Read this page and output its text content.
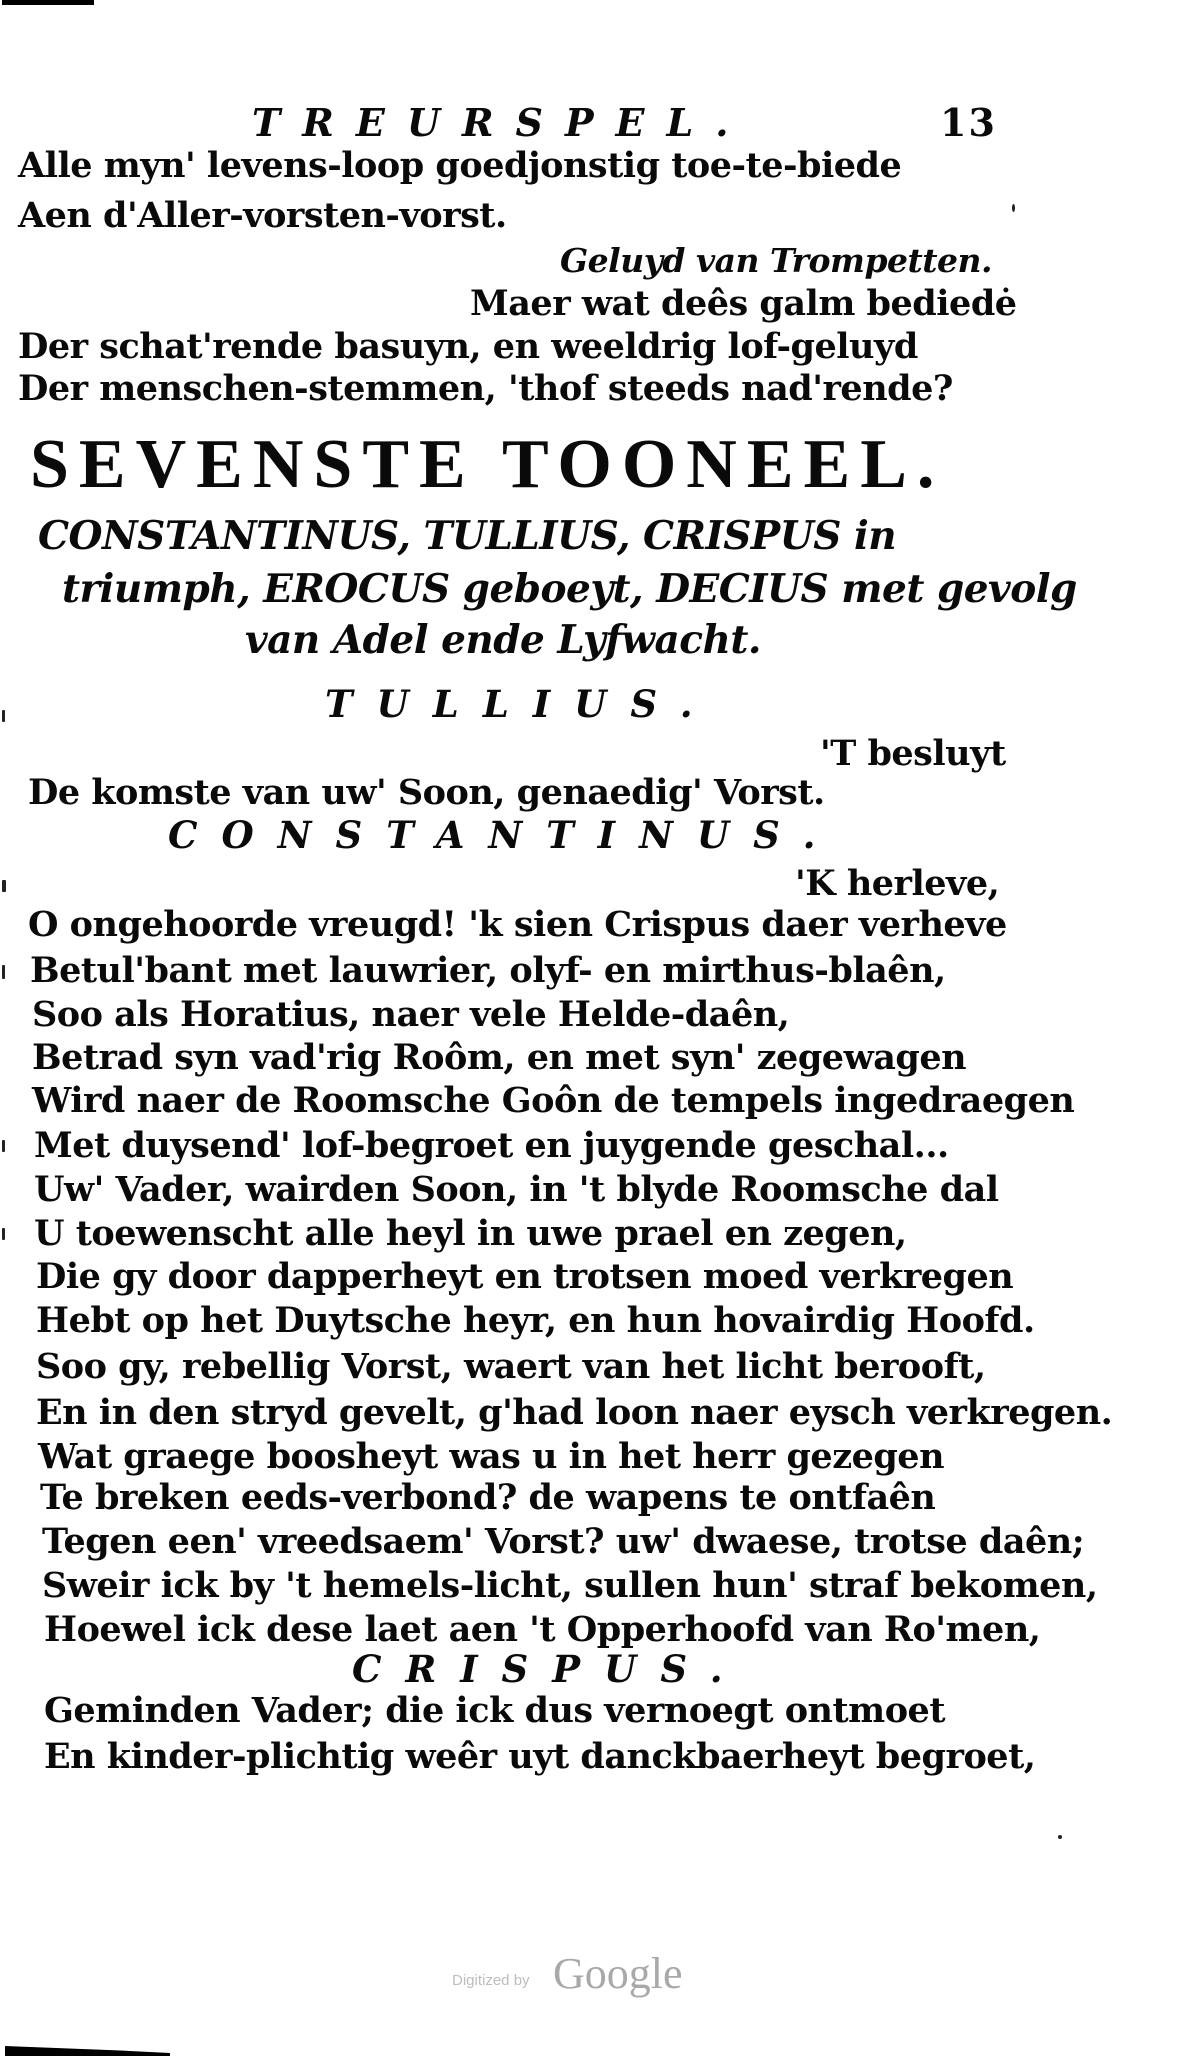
TREURSPEL.	13
Alle myn' levens-loop goedjonstig toe-te-biede
Aen d'Aller-vorsten-vorst.
Geluyd van Trompetten.
Maer wat deês galm bediedė
Der schat'rende basuyn, en weeldrig lof-geluyd
Der menschen-stemmen, 'thof steeds nad'rende?
SEVENSTE TOONEEL.
CONSTANTINUS, TULLIUS, CRISPUS in
triumph, EROCUS geboeyt, DECIUS met gevolg
van Adel ende Lyfwacht.
TULLIUS.
'T besluyt
De komste van uw' Soon, genaedig' Vorst.
CONSTANTINUS.
'K herleve,
O ongehoorde vreugd! 'k sien Crispus daer verheve
Betul'bant met lauwrier, olyf- en mirthus-blaên,
Soo als Horatius, naer vele Helde-daên,
Betrad syn vad'rig Roôm, en met syn' zegewagen
Wird naer de Roomsche Goôn de tempels ingedraegen
Met duysend' lof-begroet en juygende geschal...
Uw' Vader, wairden Soon, in 't blyde Roomsche dal
U toewenscht alle heyl in uwe prael en zegen,
Die gy door dapperheyt en trotsen moed verkregen
Hebt op het Duytsche heyr, en hun hovairdig Hoofd.
Soo gy, rebellig Vorst, waert van het licht berooft,
En in den stryd gevelt, g'had loon naer eysch verkregen.
Wat graege boosheyt was u in het herr gezegen
Te breken eeds-verbond? de wapens te ontfaên
Tegen een' vreedsaem' Vorst? uw' dwaese, trotse daên;
Sweir ick by 't hemels-licht, sullen hun' straf bekomen,
Hoewel ick dese laet aen 't Opperhoofd van Ro'men,
CRISPUS.
Geminden Vader; die ick dus vernoegt ontmoet
En kinder-plichtig weêr uyt danckbaerheyt begroet,
Digitized by Google
